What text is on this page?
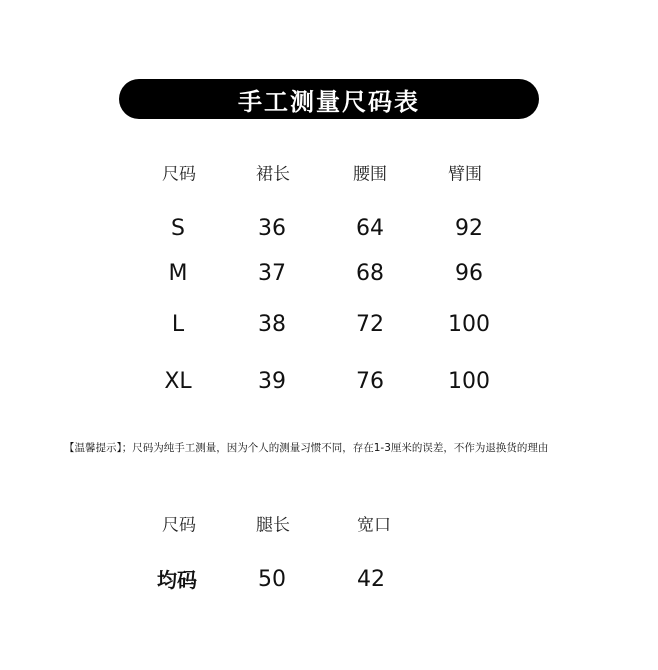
手工测量尺码表
尺码	裙长	腰围	臂围
S	36	64	92
M	37	68	96
L	38	72	100
XL	39	76	100
【温馨提示】；尺码为纯手工测量，因为个人的测量习惯不同，存在1-3厘米的误差，不作为退换货的理由
尺码	腿长	宽口
均码	50	42
